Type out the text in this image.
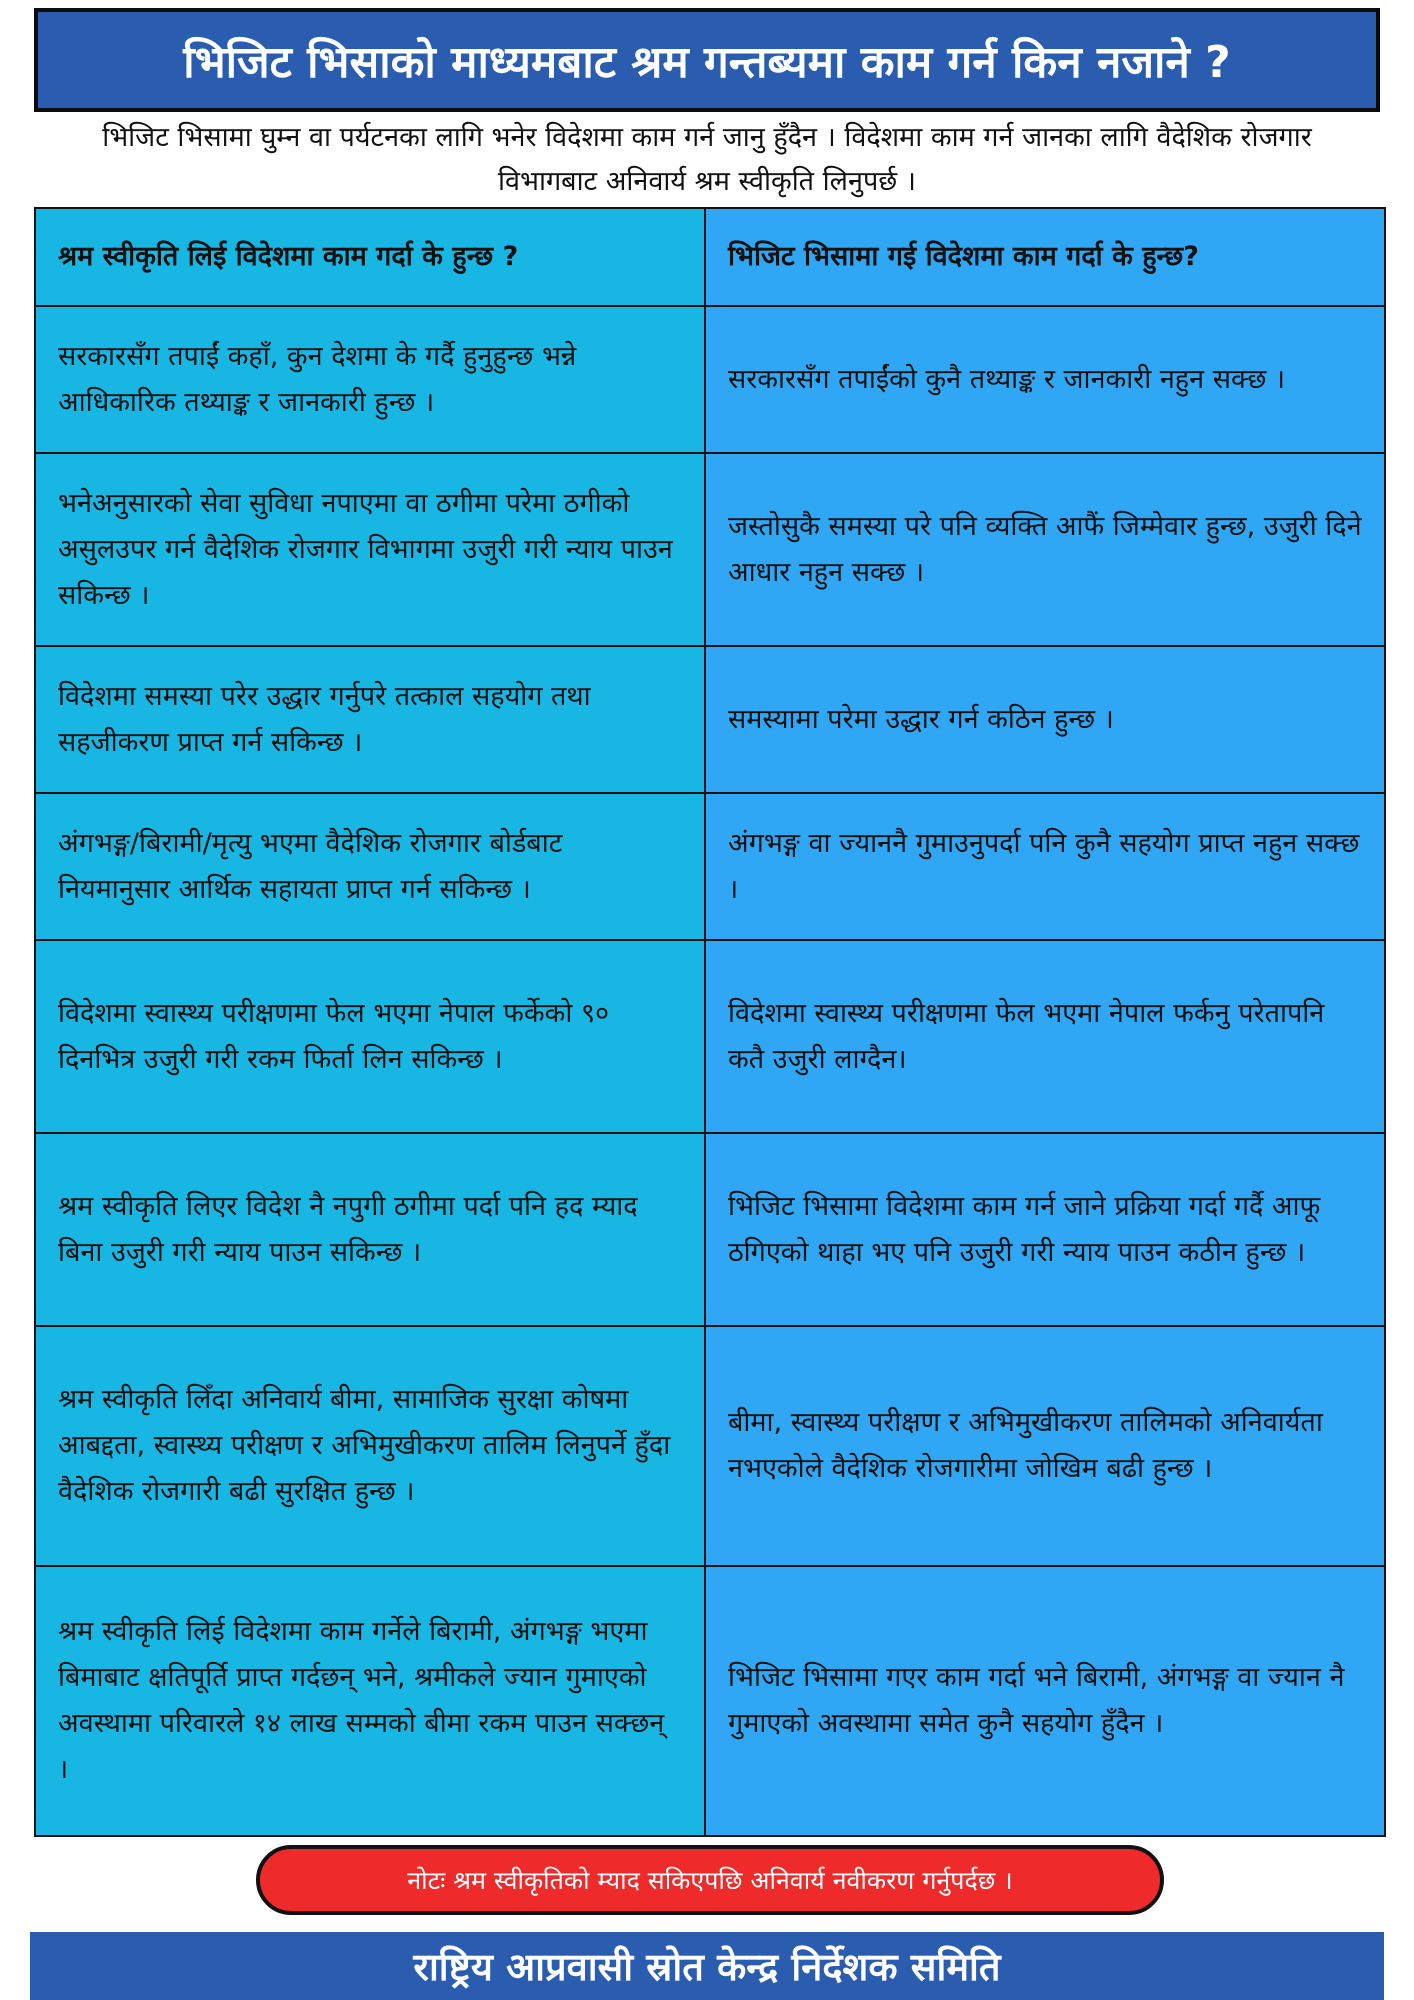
भिजिट भिसाको माध्यमबाट श्रम गन्तब्यमा काम गर्न किन नजाने ?
भिजिट भिसामा घुम्न वा पर्यटनका लागि भनेर विदेशमा काम गर्न जानु हुँदैन । विदेशमा काम गर्न जानका लागि वैदेशिक रोजगार विभागबाट अनिवार्य श्रम स्वीकृति लिनुपर्छ ।
श्रम स्वीकृति लिई विदेशमा काम गर्दा के हुन्छ ?	भिजिट भिसामा गई विदेशमा काम गर्दा के हुन्छ?
सरकारसँग तपाईं कहाँ, कुन देशमा के गर्दै हुनुहुन्छ भन्ने आधिकारिक तथ्याङ्क र जानकारी हुन्छ ।	सरकारसँग तपाईंको कुनै तथ्याङ्क र जानकारी नहुन सक्छ ।
भनेअनुसारको सेवा सुविधा नपाएमा वा ठगीमा परेमा ठगीको असुलउपर गर्न वैदेशिक रोजगार विभागमा उजुरी गरी न्याय पाउन सकिन्छ ।	जस्तोसुकै समस्या परे पनि व्यक्ति आफैं जिम्मेवार हुन्छ, उजुरी दिने आधार नहुन सक्छ ।
विदेशमा समस्या परेर उद्धार गर्नुपरे तत्काल सहयोग तथा सहजीकरण प्राप्त गर्न सकिन्छ ।	समस्यामा परेमा उद्धार गर्न कठिन हुन्छ ।
अंगभङ्ग/बिरामी/मृत्यु भएमा वैदेशिक रोजगार बोर्डबाट नियमानुसार आर्थिक सहायता प्राप्त गर्न सकिन्छ ।	अंगभङ्ग वा ज्याननै गुमाउनुपर्दा पनि कुनै सहयोग प्राप्त नहुन सक्छ ।
विदेशमा स्वास्थ्य परीक्षणमा फेल भएमा नेपाल फर्केको ९० दिनभित्र उजुरी गरी रकम फिर्ता लिन सकिन्छ ।	विदेशमा स्वास्थ्य परीक्षणमा फेल भएमा नेपाल फर्कनु परेतापनि कतै उजुरी लाग्दैन।
श्रम स्वीकृति लिएर विदेश नै नपुगी ठगीमा पर्दा पनि हद म्याद बिना उजुरी गरी न्याय पाउन सकिन्छ ।	भिजिट भिसामा विदेशमा काम गर्न जाने प्रक्रिया गर्दा गर्दै आफू ठगिएको थाहा भए पनि उजुरी गरी न्याय पाउन कठीन हुन्छ ।
श्रम स्वीकृति लिँदा अनिवार्य बीमा, सामाजिक सुरक्षा कोषमा आबद्दता, स्वास्थ्य परीक्षण र अभिमुखीकरण तालिम लिनुपर्ने हुँदा वैदेशिक रोजगारी बढी सुरक्षित हुन्छ ।	बीमा, स्वास्थ्य परीक्षण र अभिमुखीकरण तालिमको अनिवार्यता नभएकोले वैदेशिक रोजगारीमा जोखिम बढी हुन्छ ।
श्रम स्वीकृति लिई विदेशमा काम गर्नेले बिरामी, अंगभङ्ग भएमा बिमाबाट क्षतिपूर्ति प्राप्त गर्दछन् भने, श्रमीकले ज्यान गुमाएको अवस्थामा परिवारले १४ लाख सम्मको बीमा रकम पाउन सक्छन् ।	भिजिट भिसामा गएर काम गर्दा भने बिरामी, अंगभङ्ग वा ज्यान नै गुमाएको अवस्थामा समेत कुनै सहयोग हुँदैन ।
नोटः श्रम स्वीकृतिको म्याद सकिएपछि अनिवार्य नवीकरण गर्नुपर्दछ ।
राष्ट्रिय आप्रवासी स्रोत केन्द्र निर्देशक समिति
